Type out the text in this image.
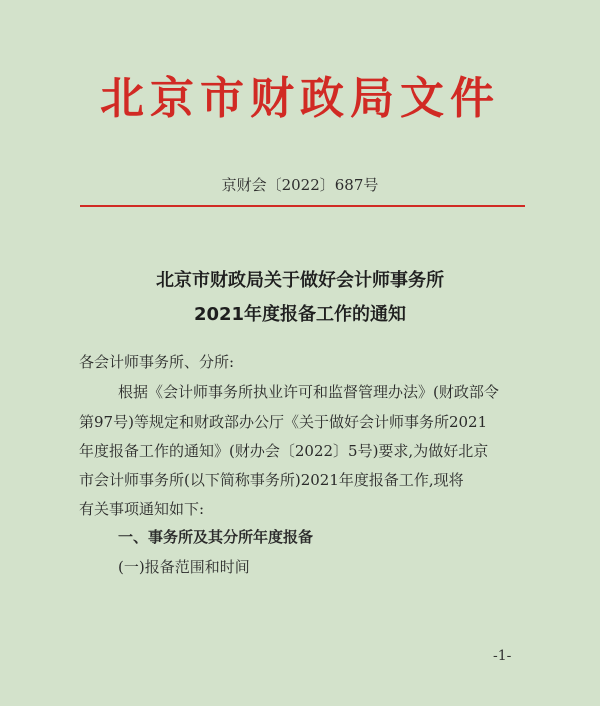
北京市财政局文件
京财会〔2022〕687号
北京市财政局关于做好会计师事务所
2021年度报备工作的通知
各会计师事务所、分所:
根据《会计师事务所执业许可和监督管理办法》(财政部令
第97号)等规定和财政部办公厅《关于做好会计师事务所2021
年度报备工作的通知》(财办会〔2022〕5号)要求,为做好北京
市会计师事务所(以下简称事务所)2021年度报备工作,现将
有关事项通知如下:
一、事务所及其分所年度报备
(一)报备范围和时间
-1-
